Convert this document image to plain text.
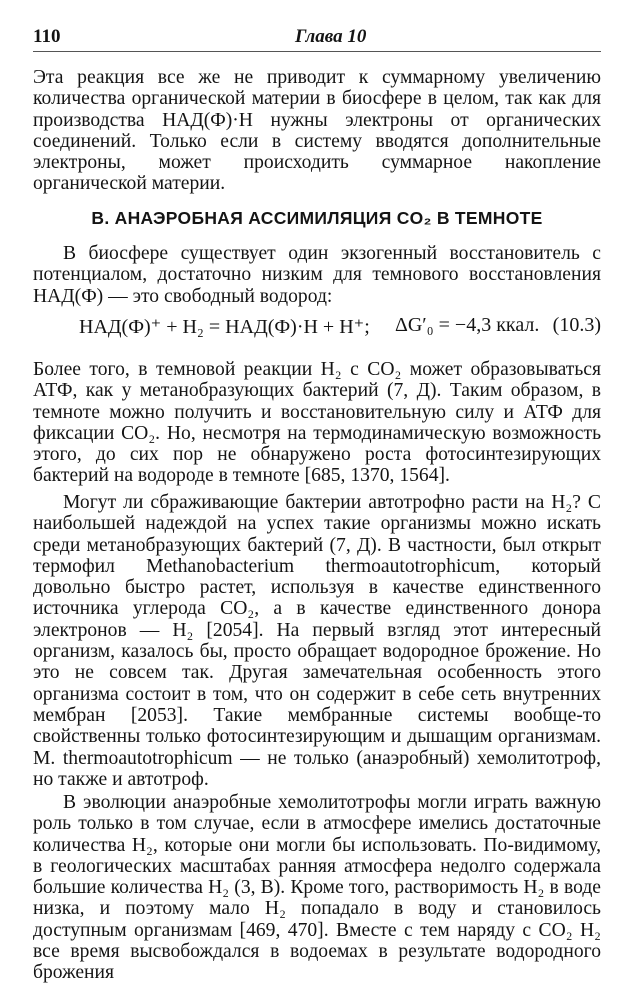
110	Глава 10

Эта реакция все же не приводит к суммарному увеличению количества органической материи в биосфере в целом, так как для производства НАД(Ф)·Н нужны электроны от органических соединений. Только если в систему вводятся дополнительные электроны, может происходить суммарное накопление органической материи.

В. АНАЭРОБНАЯ АССИМИЛЯЦИЯ CO₂ В ТЕМНОТЕ

В биосфере существует один экзогенный восстановитель с потенциалом, достаточно низким для темнового восстановления НАД(Ф) — это свободный водород:

НАД(Ф)⁺ + H₂ = НАД(Ф)·Н + H⁺; ΔG′₀ = −4,3 ккал. (10.3)

Более того, в темновой реакции H₂ с CO₂ может образовываться АТФ, как у метанобразующих бактерий (7, Д). Таким образом, в темноте можно получить и восстановительную силу и АТФ для фиксации CO₂. Но, несмотря на термодинамическую возможность этого, до сих пор не обнаружено роста фотосинтезирующих бактерий на водороде в темноте [685, 1370, 1564].

Могут ли сбраживающие бактерии автотрофно расти на H₂? С наибольшей надеждой на успех такие организмы можно искать среди метанобразующих бактерий (7, Д). В частности, был открыт термофил Methanobacterium thermoautotrophicum, который довольно быстро растет, используя в качестве единственного источника углерода CO₂, а в качестве единственного донора электронов — H₂ [2054]. На первый взгляд этот интересный организм, казалось бы, просто обращает водородное брожение. Но это не совсем так. Другая замечательная особенность этого организма состоит в том, что он содержит в себе сеть внутренних мембран [2053]. Такие мембранные системы вообще-то свойственны только фотосинтезирующим и дышащим организмам. M. thermoautotrophicum — не только (анаэробный) хемолитотроф, но также и автотроф.

В эволюции анаэробные хемолитотрофы могли играть важную роль только в том случае, если в атмосфере имелись достаточные количества H₂, которые они могли бы использовать. По-видимому, в геологических масштабах ранняя атмосфера недолго содержала большие количества H₂ (3, B). Кроме того, растворимость H₂ в воде низка, и поэтому мало H₂ попадало в воду и становилось доступным организмам [469, 470]. Вместе с тем наряду с CO₂ H₂ все время высвобождался в водоемах в результате водородного брожения
